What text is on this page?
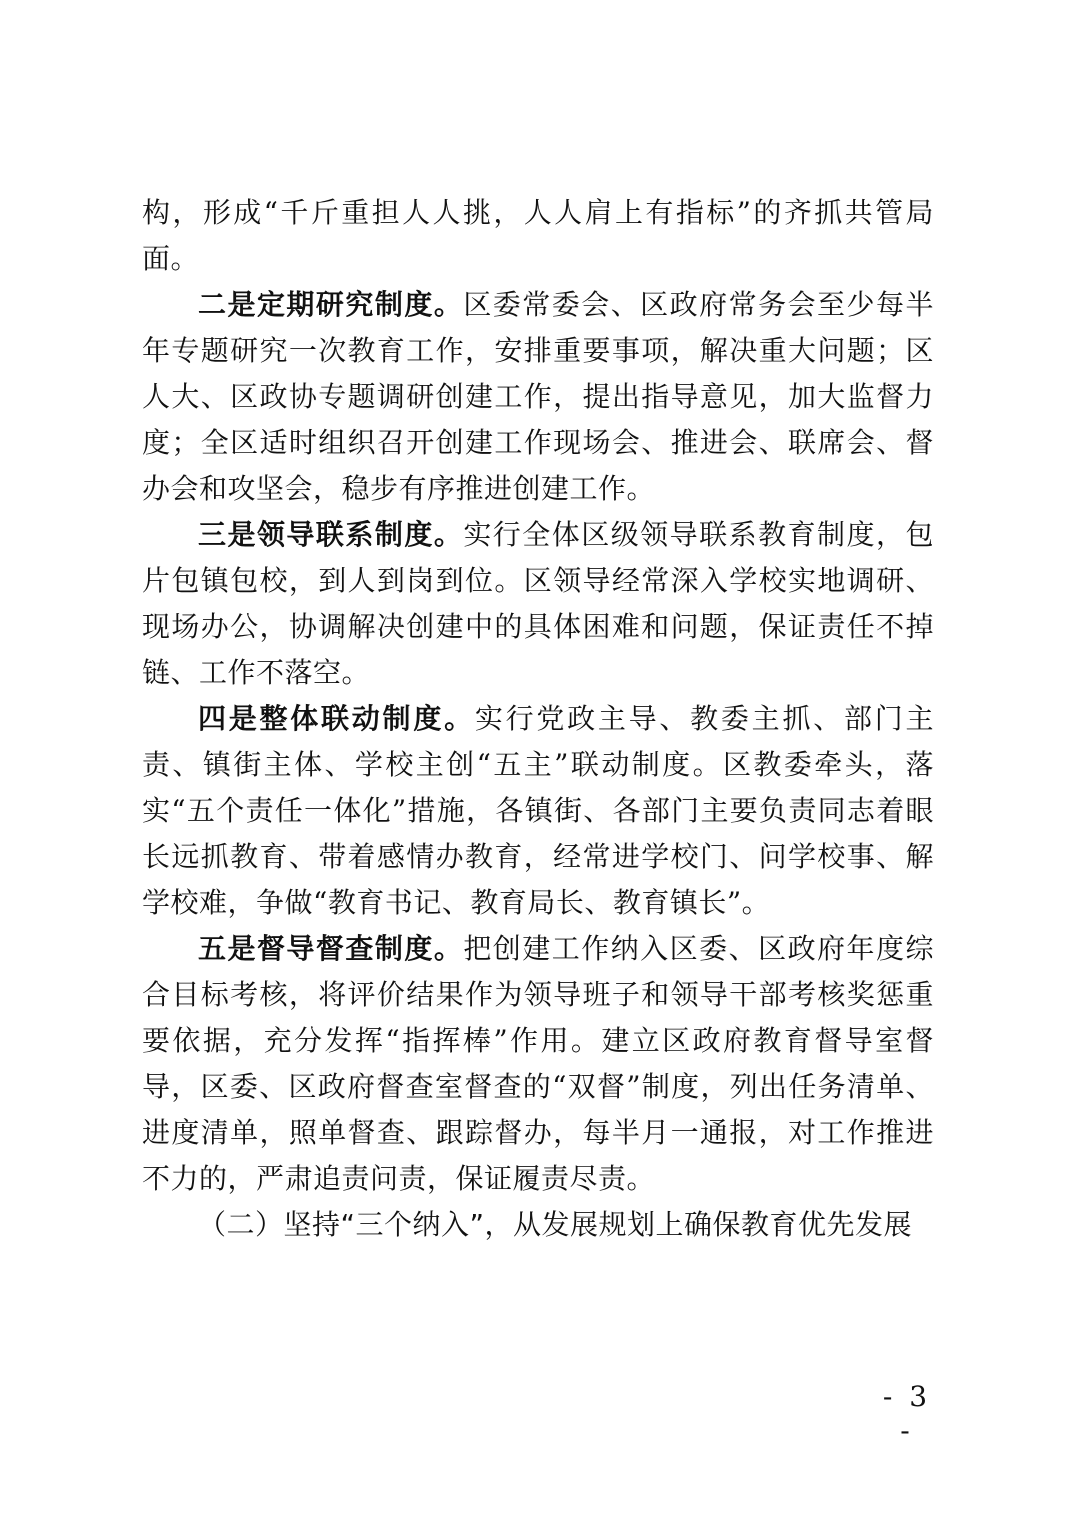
构，形成“千斤重担人人挑，人人肩上有指标”的齐抓共管局面。

二是定期研究制度。区委常委会、区政府常务会至少每半年专题研究一次教育工作，安排重要事项，解决重大问题；区人大、区政协专题调研创建工作，提出指导意见，加大监督力度；全区适时组织召开创建工作现场会、推进会、联席会、督办会和攻坚会，稳步有序推进创建工作。

三是领导联系制度。实行全体区级领导联系教育制度，包片包镇包校，到人到岗到位。区领导经常深入学校实地调研、现场办公，协调解决创建中的具体困难和问题，保证责任不掉链、工作不落空。

四是整体联动制度。实行党政主导、教委主抓、部门主责、镇街主体、学校主创“五主”联动制度。区教委牵头，落实“五个责任一体化”措施，各镇街、各部门主要负责同志着眼长远抓教育、带着感情办教育，经常进学校门、问学校事、解学校难，争做“教育书记、教育局长、教育镇长”。

五是督导督查制度。把创建工作纳入区委、区政府年度综合目标考核，将评价结果作为领导班子和领导干部考核奖惩重要依据，充分发挥“指挥棒”作用。建立区政府教育督导室督导，区委、区政府督查室督查的“双督”制度，列出任务清单、进度清单，照单督查、跟踪督办，每半月一通报，对工作推进不力的，严肃追责问责，保证履责尽责。

（二）坚持“三个纳入”，从发展规划上确保教育优先发展

- 3 -
